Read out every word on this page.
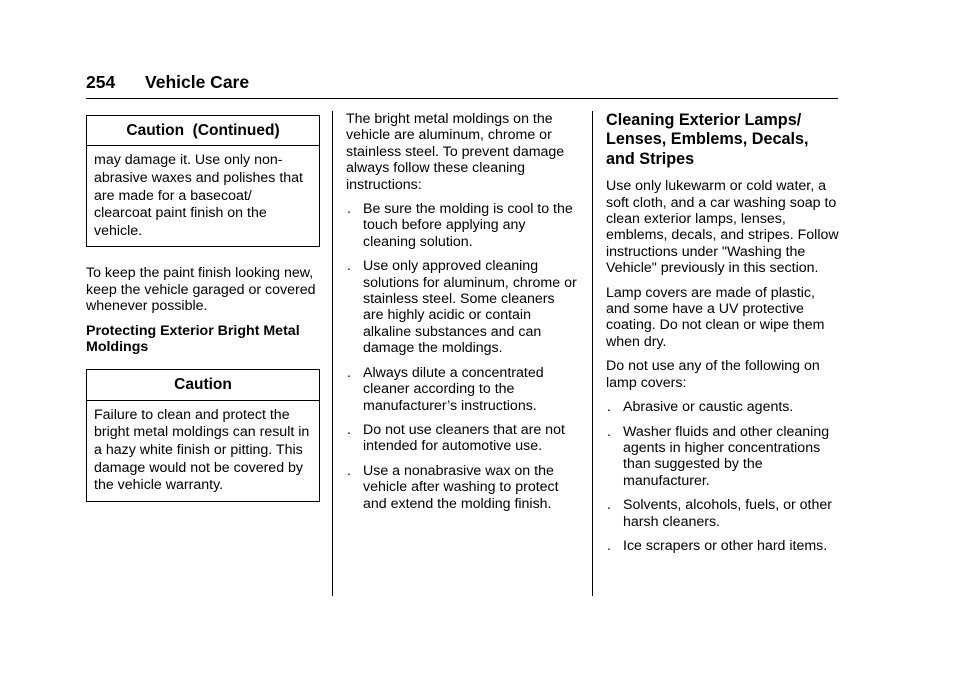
254 Vehicle Care
Caution  (Continued)
may damage it. Use only non-abrasive waxes and polishes that are made for a basecoat/ clearcoat paint finish on the vehicle.

To keep the paint finish looking new, keep the vehicle garaged or covered whenever possible.

Protecting Exterior Bright Metal Moldings

Caution
Failure to clean and protect the bright metal moldings can result in a hazy white finish or pitting. This damage would not be covered by the vehicle warranty.

The bright metal moldings on the vehicle are aluminum, chrome or stainless steel. To prevent damage always follow these cleaning instructions:

. Be sure the molding is cool to the touch before applying any cleaning solution.
. Use only approved cleaning solutions for aluminum, chrome or stainless steel. Some cleaners are highly acidic or contain alkaline substances and can damage the moldings.
. Always dilute a concentrated cleaner according to the manufacturer’s instructions.
. Do not use cleaners that are not intended for automotive use.
. Use a nonabrasive wax on the vehicle after washing to protect and extend the molding finish.
Cleaning Exterior Lamps/ Lenses, Emblems, Decals, and Stripes

Use only lukewarm or cold water, a soft cloth, and a car washing soap to clean exterior lamps, lenses, emblems, decals, and stripes. Follow instructions under "Washing the Vehicle" previously in this section.

Lamp covers are made of plastic, and some have a UV protective coating. Do not clean or wipe them when dry.

Do not use any of the following on lamp covers:

. Abrasive or caustic agents.
. Washer fluids and other cleaning agents in higher concentrations than suggested by the manufacturer.
. Solvents, alcohols, fuels, or other harsh cleaners.
. Ice scrapers or other hard items.
